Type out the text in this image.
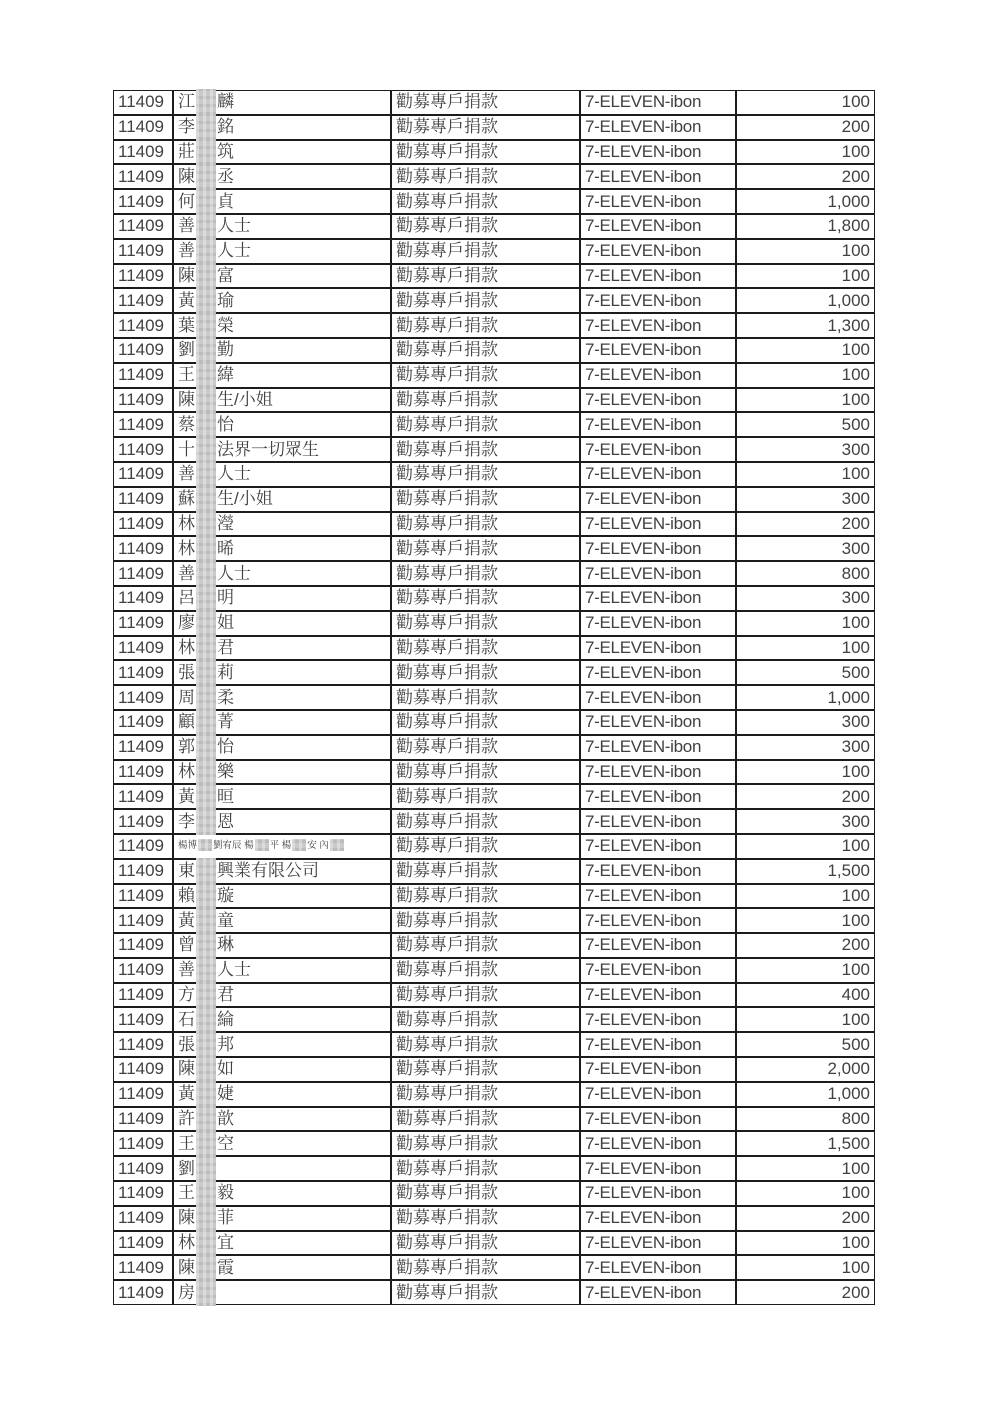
11409	江 麟	勸募專戶捐款	7-ELEVEN-ibon	100
11409	李 銘	勸募專戶捐款	7-ELEVEN-ibon	200
11409	莊 筑	勸募專戶捐款	7-ELEVEN-ibon	100
11409	陳 丞	勸募專戶捐款	7-ELEVEN-ibon	200
11409	何 貞	勸募專戶捐款	7-ELEVEN-ibon	1,000
11409	善 人士	勸募專戶捐款	7-ELEVEN-ibon	1,800
11409	善 人士	勸募專戶捐款	7-ELEVEN-ibon	100
11409	陳 富	勸募專戶捐款	7-ELEVEN-ibon	100
11409	黃 瑜	勸募專戶捐款	7-ELEVEN-ibon	1,000
11409	葉 榮	勸募專戶捐款	7-ELEVEN-ibon	1,300
11409	劉 勤	勸募專戶捐款	7-ELEVEN-ibon	100
11409	王 緯	勸募專戶捐款	7-ELEVEN-ibon	100
11409	陳 生/小姐	勸募專戶捐款	7-ELEVEN-ibon	100
11409	蔡 怡	勸募專戶捐款	7-ELEVEN-ibon	500
11409	十 法界一切眾生	勸募專戶捐款	7-ELEVEN-ibon	300
11409	善 人士	勸募專戶捐款	7-ELEVEN-ibon	100
11409	蘇 生/小姐	勸募專戶捐款	7-ELEVEN-ibon	300
11409	林 瀅	勸募專戶捐款	7-ELEVEN-ibon	200
11409	林 晞	勸募專戶捐款	7-ELEVEN-ibon	300
11409	善 人士	勸募專戶捐款	7-ELEVEN-ibon	800
11409	呂 明	勸募專戶捐款	7-ELEVEN-ibon	300
11409	廖 姐	勸募專戶捐款	7-ELEVEN-ibon	100
11409	林 君	勸募專戶捐款	7-ELEVEN-ibon	100
11409	張 莉	勸募專戶捐款	7-ELEVEN-ibon	500
11409	周 柔	勸募專戶捐款	7-ELEVEN-ibon	1,000
11409	顧 菁	勸募專戶捐款	7-ELEVEN-ibon	300
11409	郭 怡	勸募專戶捐款	7-ELEVEN-ibon	300
11409	林 樂	勸募專戶捐款	7-ELEVEN-ibon	100
11409	黃 晅	勸募專戶捐款	7-ELEVEN-ibon	200
11409	李 恩	勸募專戶捐款	7-ELEVEN-ibon	300
11409	楊博 劉宥辰 楊 平 楊 安 內	勸募專戶捐款	7-ELEVEN-ibon	100
11409	東 興業有限公司	勸募專戶捐款	7-ELEVEN-ibon	1,500
11409	賴 璇	勸募專戶捐款	7-ELEVEN-ibon	100
11409	黃 童	勸募專戶捐款	7-ELEVEN-ibon	100
11409	曾 琳	勸募專戶捐款	7-ELEVEN-ibon	200
11409	善 人士	勸募專戶捐款	7-ELEVEN-ibon	100
11409	方 君	勸募專戶捐款	7-ELEVEN-ibon	400
11409	石 綸	勸募專戶捐款	7-ELEVEN-ibon	100
11409	張 邦	勸募專戶捐款	7-ELEVEN-ibon	500
11409	陳 如	勸募專戶捐款	7-ELEVEN-ibon	2,000
11409	黃 婕	勸募專戶捐款	7-ELEVEN-ibon	1,000
11409	許 歆	勸募專戶捐款	7-ELEVEN-ibon	800
11409	王 空	勸募專戶捐款	7-ELEVEN-ibon	1,500
11409	劉	勸募專戶捐款	7-ELEVEN-ibon	100
11409	王 毅	勸募專戶捐款	7-ELEVEN-ibon	100
11409	陳 菲	勸募專戶捐款	7-ELEVEN-ibon	200
11409	林 宜	勸募專戶捐款	7-ELEVEN-ibon	100
11409	陳 霞	勸募專戶捐款	7-ELEVEN-ibon	100
11409	房	勸募專戶捐款	7-ELEVEN-ibon	200
